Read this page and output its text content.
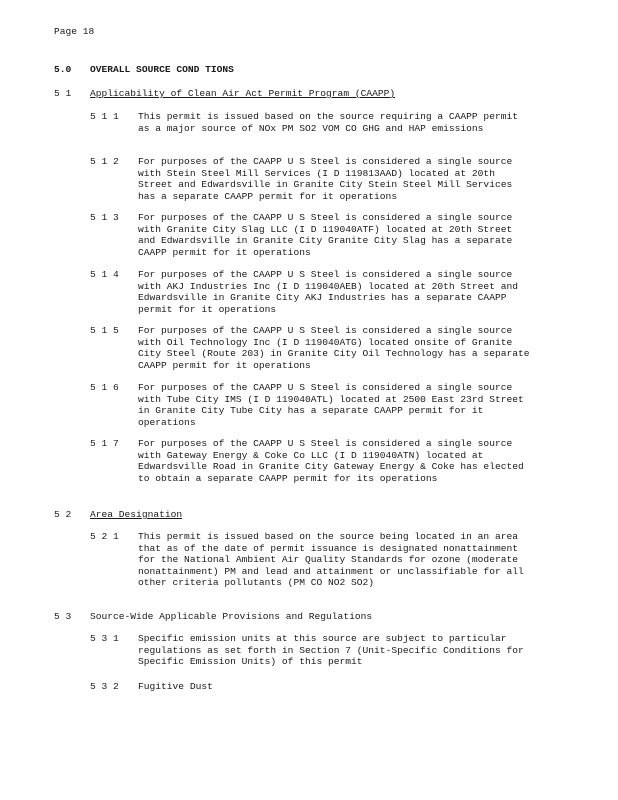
Page 18
5.0 OVERALL SOURCE COND TIONS
5 1 Applicability of Clean Air Act Permit Program (CAAPP)
5 1 1 This permit is issued based on the source requiring a CAAPP permit as a major source of NOx PM SO2 VOM CO GHG and HAP emissions
5 1 2 For purposes of the CAAPP U S Steel is considered a single source with Stein Steel Mill Services (I D 119813AAD) located at 20th Street and Edwardsville in Granite City Stein Steel Mill Services has a separate CAAPP permit for it operations
5 1 3 For purposes of the CAAPP U S Steel is considered a single source with Granite City Slag LLC (I D 119040ATF) located at 20th Street and Edwardsville in Granite City Granite City Slag has a separate CAAPP permit for it operations
5 1 4 For purposes of the CAAPP U S Steel is considered a single source with AKJ Industries Inc (I D 119040AEB) located at 20th Street and Edwardsville in Granite City AKJ Industries has a separate CAAPP permit for it operations
5 1 5 For purposes of the CAAPP U S Steel is considered a single source with Oil Technology Inc (I D 119040ATG) located onsite of Granite City Steel (Route 203) in Granite City Oil Technology has a separate CAAPP permit for it operations
5 1 6 For purposes of the CAAPP U S Steel is considered a single source with Tube City IMS (I D 119040ATL) located at 2500 East 23rd Street in Granite City Tube City has a separate CAAPP permit for it operations
5 1 7 For purposes of the CAAPP U S Steel is considered a single source with Gateway Energy & Coke Co LLC (I D 119040ATN) located at Edwardsville Road in Granite City Gateway Energy & Coke has elected to obtain a separate CAAPP permit for its operations
5 2 Area Designation
5 2 1 This permit is issued based on the source being located in an area that as of the date of permit issuance is designated nonattainment for the National Ambient Air Quality Standards for ozone (moderate nonattainment) PM and lead and attainment or unclassifiable for all other criteria pollutants (PM CO NO2 SO2)
5 3 Source-Wide Applicable Provisions and Regulations
5 3 1 Specific emission units at this source are subject to particular regulations as set forth in Section 7 (Unit-Specific Conditions for Specific Emission Units) of this permit
5 3 2 Fugitive Dust
